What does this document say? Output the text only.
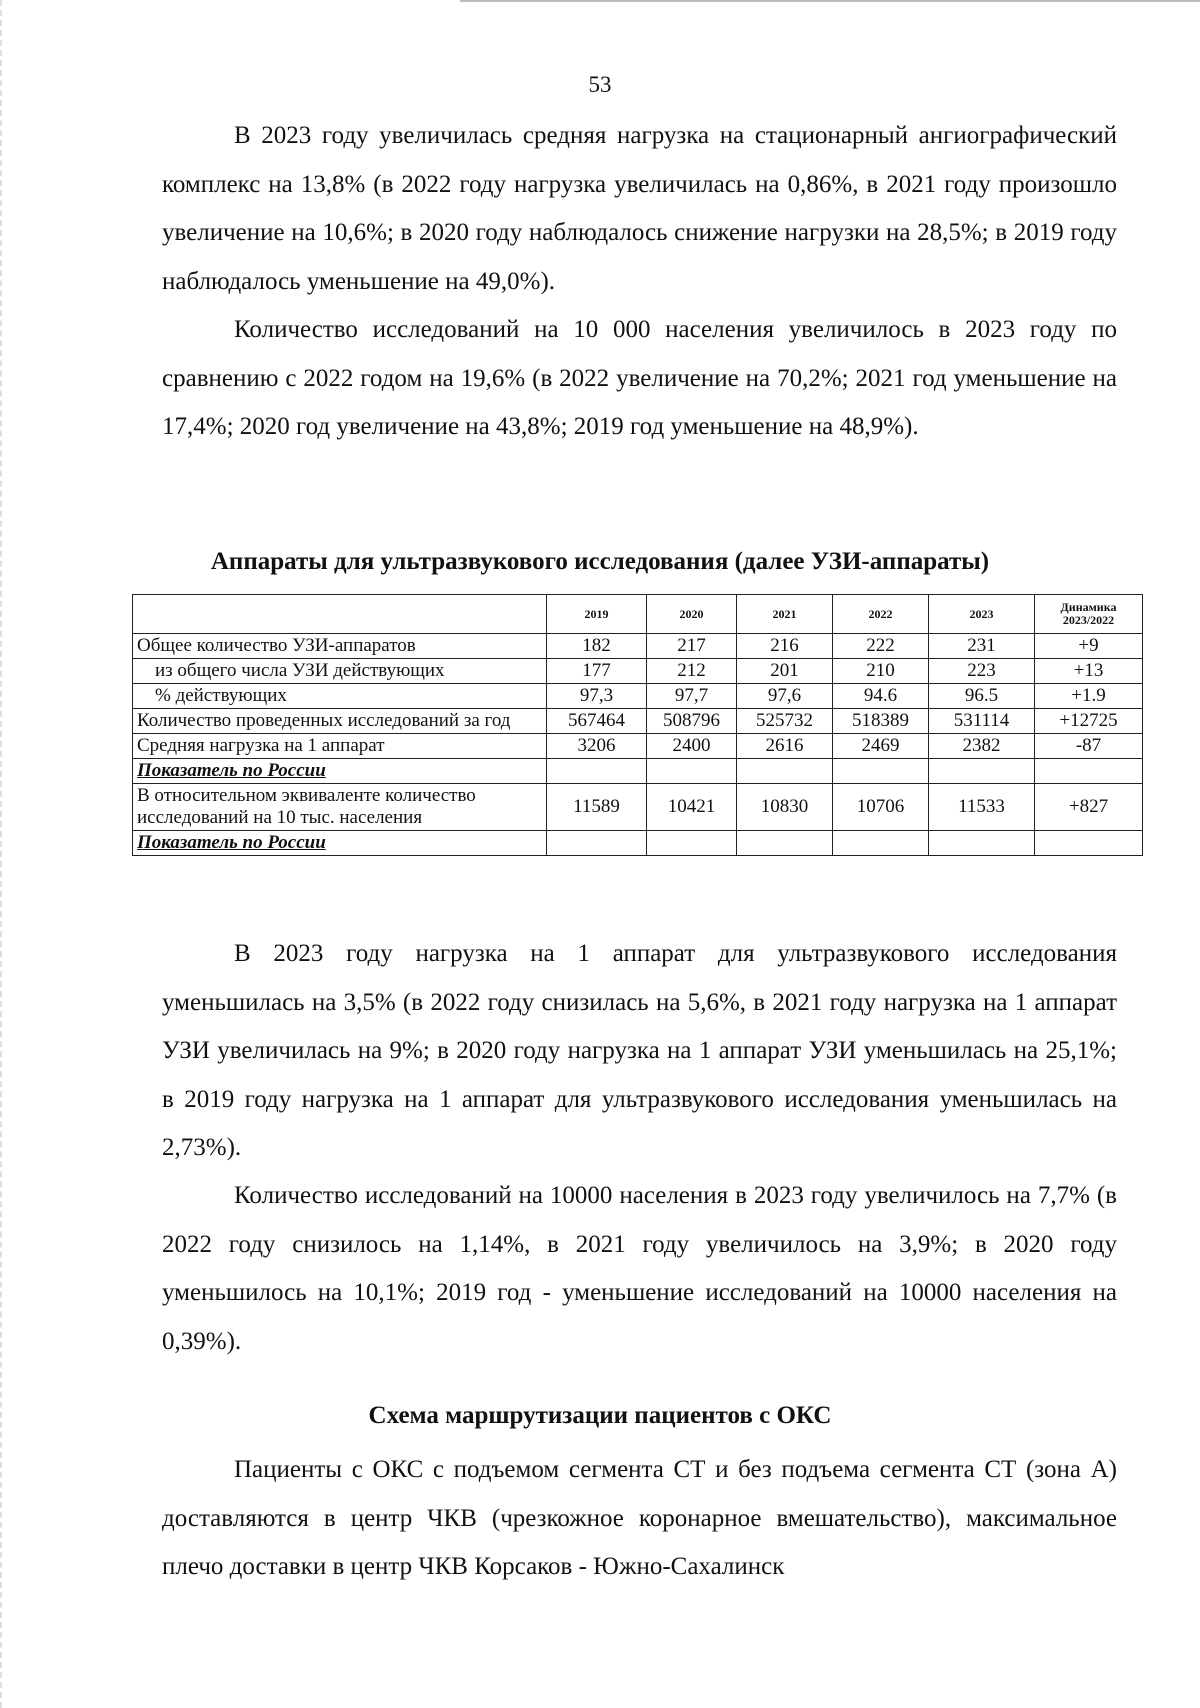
53

В 2023 году увеличилась средняя нагрузка на стационарный ангиографический комплекс на 13,8% (в 2022 году нагрузка увеличилась на 0,86%, в 2021 году произошло увеличение на 10,6%; в 2020 году наблюдалось снижение нагрузки на 28,5%; в 2019 году наблюдалось уменьшение на 49,0%).

Количество исследований на 10 000 населения увеличилось в 2023 году по сравнению с 2022 годом на 19,6% (в 2022 увеличение на 70,2%; 2021 год уменьшение на 17,4%; 2020 год увеличение на 43,8%; 2019 год уменьшение на 48,9%).

Аппараты для ультразвукового исследования (далее УЗИ-аппараты)
	2019	2020	2021	2022	2023	Динамика 2023/2022
Общее количество УЗИ-аппаратов	182	217	216	222	231	+9
из общего числа УЗИ действующих	177	212	201	210	223	+13
% действующих	97,3	97,7	97,6	94.6	96.5	+1.9
Количество проведенных исследований за год	567464	508796	525732	518389	531114	+12725
Средняя нагрузка на 1 аппарат	3206	2400	2616	2469	2382	-87
Показатель по России						
В относительном эквиваленте количество исследований на 10 тыс. населения	11589	10421	10830	10706	11533	+827
Показатель по России						

В 2023 году нагрузка на 1 аппарат для ультразвукового исследования уменьшилась на 3,5% (в 2022 году снизилась на 5,6%, в 2021 году нагрузка на 1 аппарат УЗИ увеличилась на 9%; в 2020 году нагрузка на 1 аппарат УЗИ уменьшилась на 25,1%; в 2019 году нагрузка на 1 аппарат для ультразвукового исследования уменьшилась на 2,73%).

Количество исследований на 10000 населения в 2023 году увеличилось на 7,7% (в 2022 году снизилось на 1,14%, в 2021 году увеличилось на 3,9%; в 2020 году уменьшилось на 10,1%; 2019 год - уменьшение исследований на 10000 населения на 0,39%).

Схема маршрутизации пациентов с ОКС

Пациенты с ОКС с подъемом сегмента СТ и без подъема сегмента СТ (зона А) доставляются в центр ЧКВ (чрезкожное коронарное вмешательство), максимальное плечо доставки в центр ЧКВ Корсаков - Южно-Сахалинск
